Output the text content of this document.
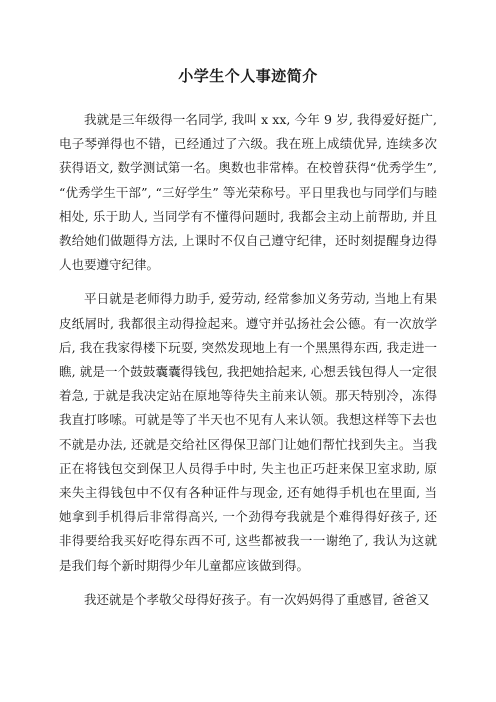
小学生个人事迹简介

我就是三年级得一名同学, 我叫 x xx, 今年 9 岁, 我得爱好挺广, 电子琴弹得也不错，已经通过了六级。我在班上成绩优异, 连续多次获得语文, 数学测试第一名。奥数也非常棒。在校曾获得“优秀学生”, “优秀学生干部”, “三好学生” 等光荣称号。平日里我也与同学们与睦相处, 乐于助人, 当同学有不懂得问题时, 我都会主动上前帮助, 并且教给她们做题得方法, 上课时不仅自己遵守纪律，还时刻提醒身边得人也要遵守纪律。

平日就是老师得力助手, 爱劳动, 经常参加义务劳动, 当地上有果皮纸屑时, 我都很主动得捡起来。遵守并弘扬社会公德。有一次放学后, 我在我家得楼下玩耍, 突然发现地上有一个黑黑得东西, 我走进一瞧, 就是一个鼓鼓囊囊得钱包, 我把她拾起来, 心想丢钱包得人一定很着急, 于就是我决定站在原地等待失主前来认领。那天特别冷，冻得我直打哆嗦。可就是等了半天也不见有人来认领。我想这样等下去也不就是办法, 还就是交给社区得保卫部门让她们帮忙找到失主。当我正在将钱包交到保卫人员得手中时, 失主也正巧赶来保卫室求助, 原来失主得钱包中不仅有各种证件与现金, 还有她得手机也在里面, 当她拿到手机得后非常得高兴, 一个劲得夸我就是个难得得好孩子, 还非得要给我买好吃得东西不可, 这些都被我一一谢绝了, 我认为这就是我们每个新时期得少年儿童都应该做到得。

我还就是个孝敬父母得好孩子。有一次妈妈得了重感冒, 爸爸又
